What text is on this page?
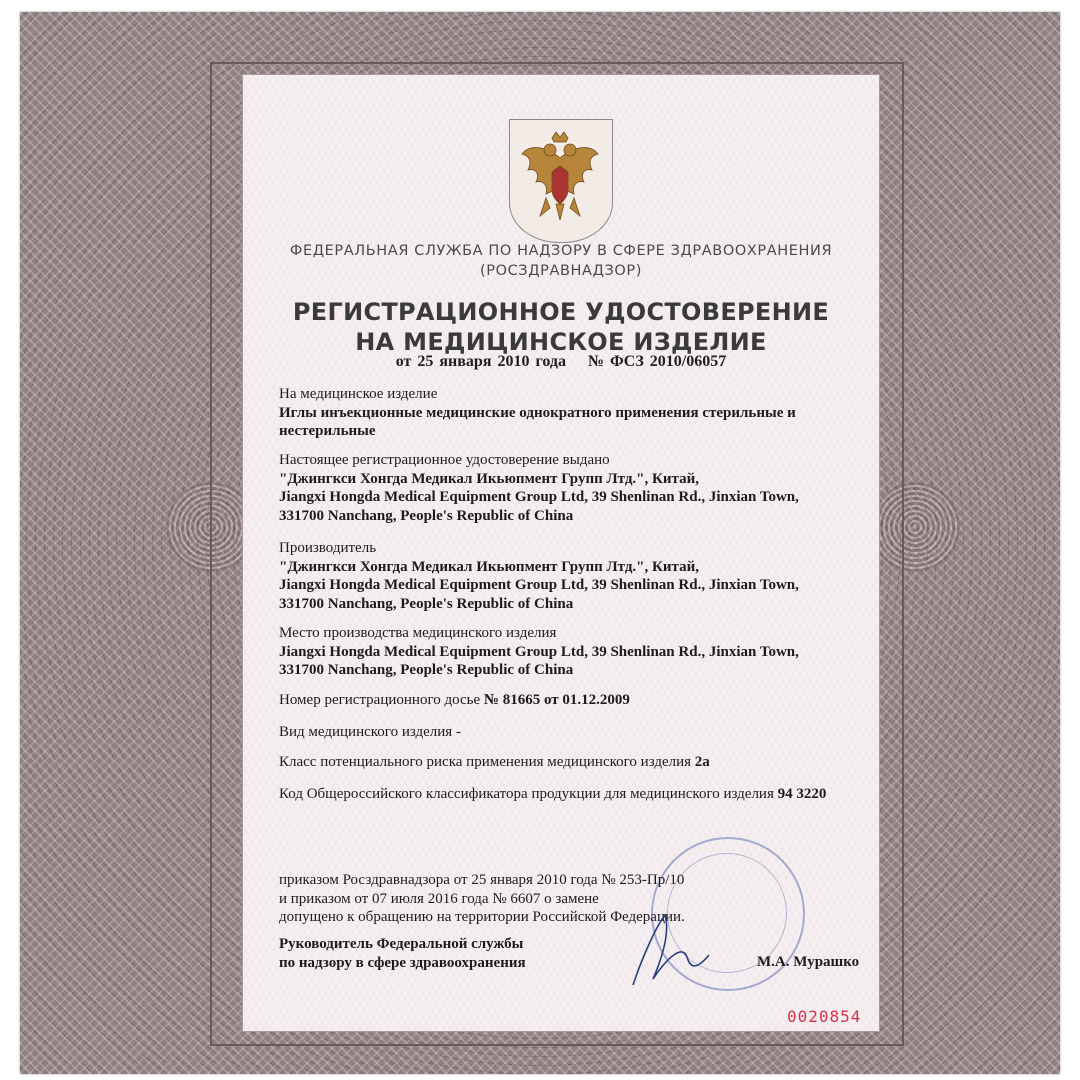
ФЕДЕРАЛЬНАЯ СЛУЖБА ПО НАДЗОРУ В СФЕРЕ ЗДРАВООХРАНЕНИЯ
(РОСЗДРАВНАДЗОР)
РЕГИСТРАЦИОННОЕ УДОСТОВЕРЕНИЕ
НА МЕДИЦИНСКОЕ ИЗДЕЛИЕ
от 25 января 2010 года № ФСЗ 2010/06057
На медицинское изделие
Иглы инъекционные медицинские однократного применения стерильные и
нестерильные
Настоящее регистрационное удостоверение выдано
"Джингкси Хонгда Медикал Икьюпмент Групп Лтд.", Китай,
Jiangxi Hongda Medical Equipment Group Ltd, 39 Shenlinan Rd., Jinxian Town,
331700 Nanchang, People's Republic of China
Производитель
"Джингкси Хонгда Медикал Икьюпмент Групп Лтд.", Китай,
Jiangxi Hongda Medical Equipment Group Ltd, 39 Shenlinan Rd., Jinxian Town,
331700 Nanchang, People's Republic of China
Место производства медицинского изделия
Jiangxi Hongda Medical Equipment Group Ltd, 39 Shenlinan Rd., Jinxian Town,
331700 Nanchang, People's Republic of China
Номер регистрационного досье № 81665 от 01.12.2009
Вид медицинского изделия -
Класс потенциального риска применения медицинского изделия 2а
Код Общероссийского классификатора продукции для медицинского изделия 94 3220
приказом Росздравнадзора от 25 января 2010 года № 253-Пр/10
и приказом от 07 июля 2016 года № 6607 о замене
допущено к обращению на территории Российской Федерации.
Руководитель Федеральной службы
по надзору в сфере здравоохранения	М.А. Мурашко
0020854
